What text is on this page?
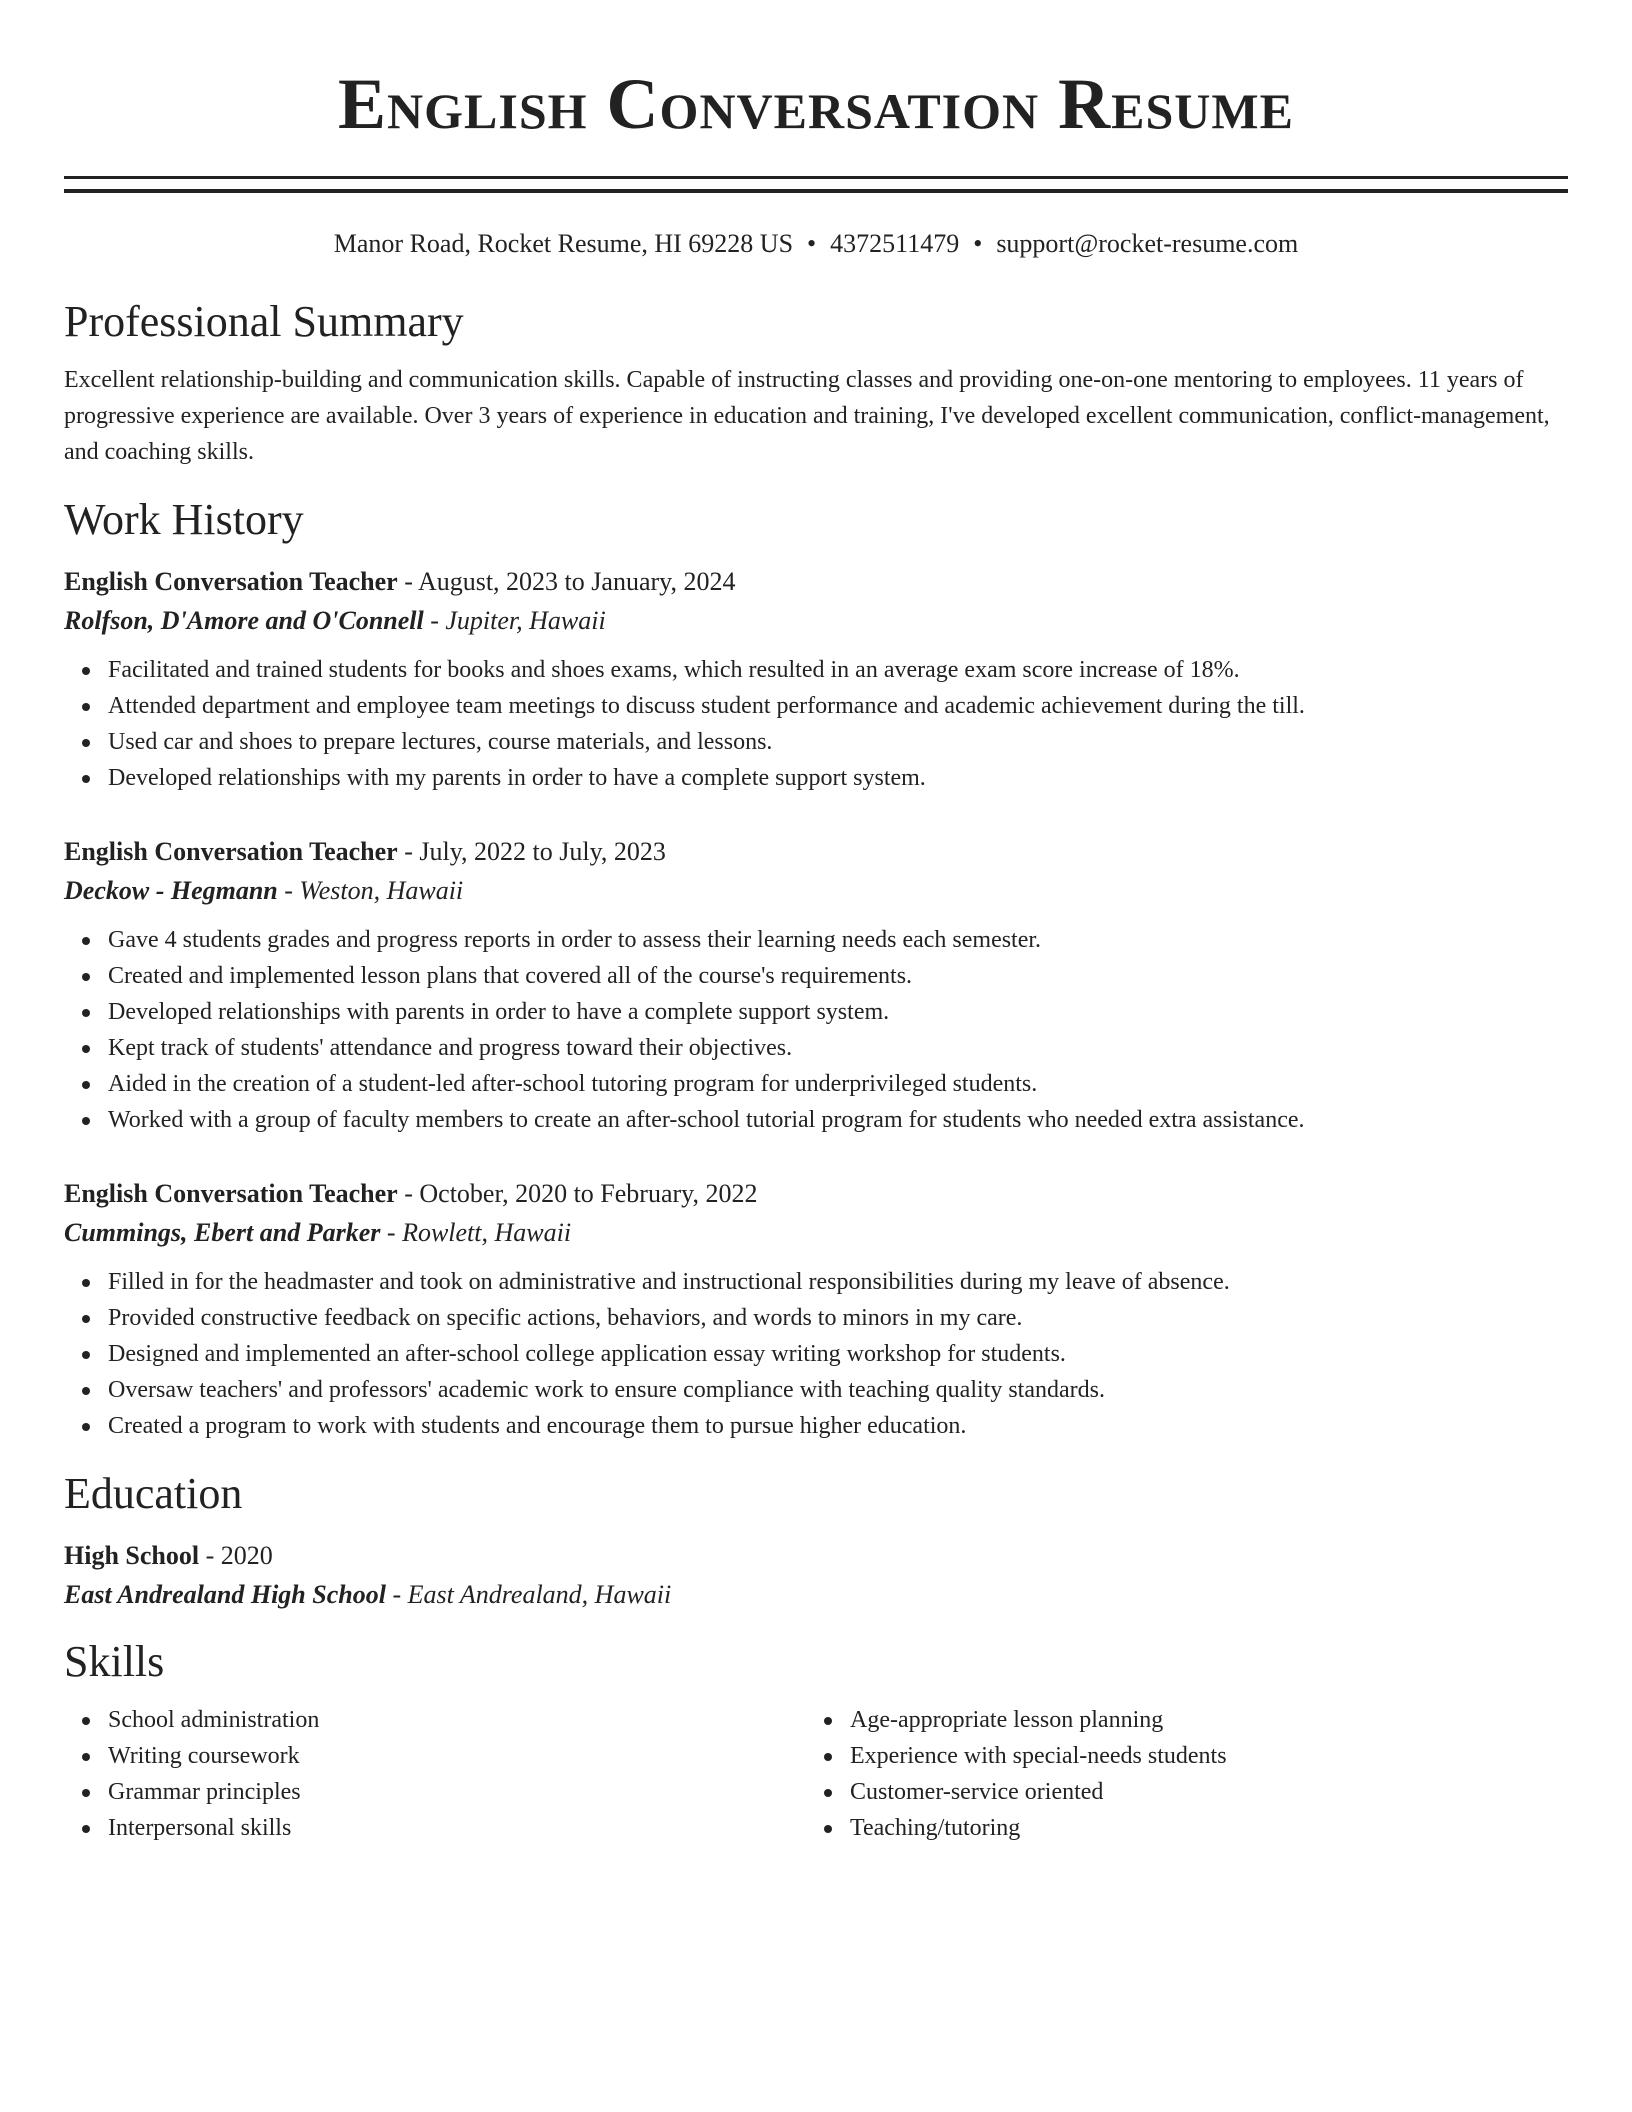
English Conversation Resume
Manor Road, Rocket Resume, HI 69228 US • 4372511479 • support@rocket-resume.com
Professional Summary
Excellent relationship-building and communication skills. Capable of instructing classes and providing one-on-one mentoring to employees. 11 years of progressive experience are available. Over 3 years of experience in education and training, I've developed excellent communication, conflict-management, and coaching skills.
Work History
English Conversation Teacher - August, 2023 to January, 2024
Rolfson, D'Amore and O'Connell - Jupiter, Hawaii
Facilitated and trained students for books and shoes exams, which resulted in an average exam score increase of 18%.
Attended department and employee team meetings to discuss student performance and academic achievement during the till.
Used car and shoes to prepare lectures, course materials, and lessons.
Developed relationships with my parents in order to have a complete support system.
English Conversation Teacher - July, 2022 to July, 2023
Deckow - Hegmann - Weston, Hawaii
Gave 4 students grades and progress reports in order to assess their learning needs each semester.
Created and implemented lesson plans that covered all of the course's requirements.
Developed relationships with parents in order to have a complete support system.
Kept track of students' attendance and progress toward their objectives.
Aided in the creation of a student-led after-school tutoring program for underprivileged students.
Worked with a group of faculty members to create an after-school tutorial program for students who needed extra assistance.
English Conversation Teacher - October, 2020 to February, 2022
Cummings, Ebert and Parker - Rowlett, Hawaii
Filled in for the headmaster and took on administrative and instructional responsibilities during my leave of absence.
Provided constructive feedback on specific actions, behaviors, and words to minors in my care.
Designed and implemented an after-school college application essay writing workshop for students.
Oversaw teachers' and professors' academic work to ensure compliance with teaching quality standards.
Created a program to work with students and encourage them to pursue higher education.
Education
High School - 2020
East Andrealand High School - East Andrealand, Hawaii
Skills
School administration
Writing coursework
Grammar principles
Interpersonal skills
Age-appropriate lesson planning
Experience with special-needs students
Customer-service oriented
Teaching/tutoring
